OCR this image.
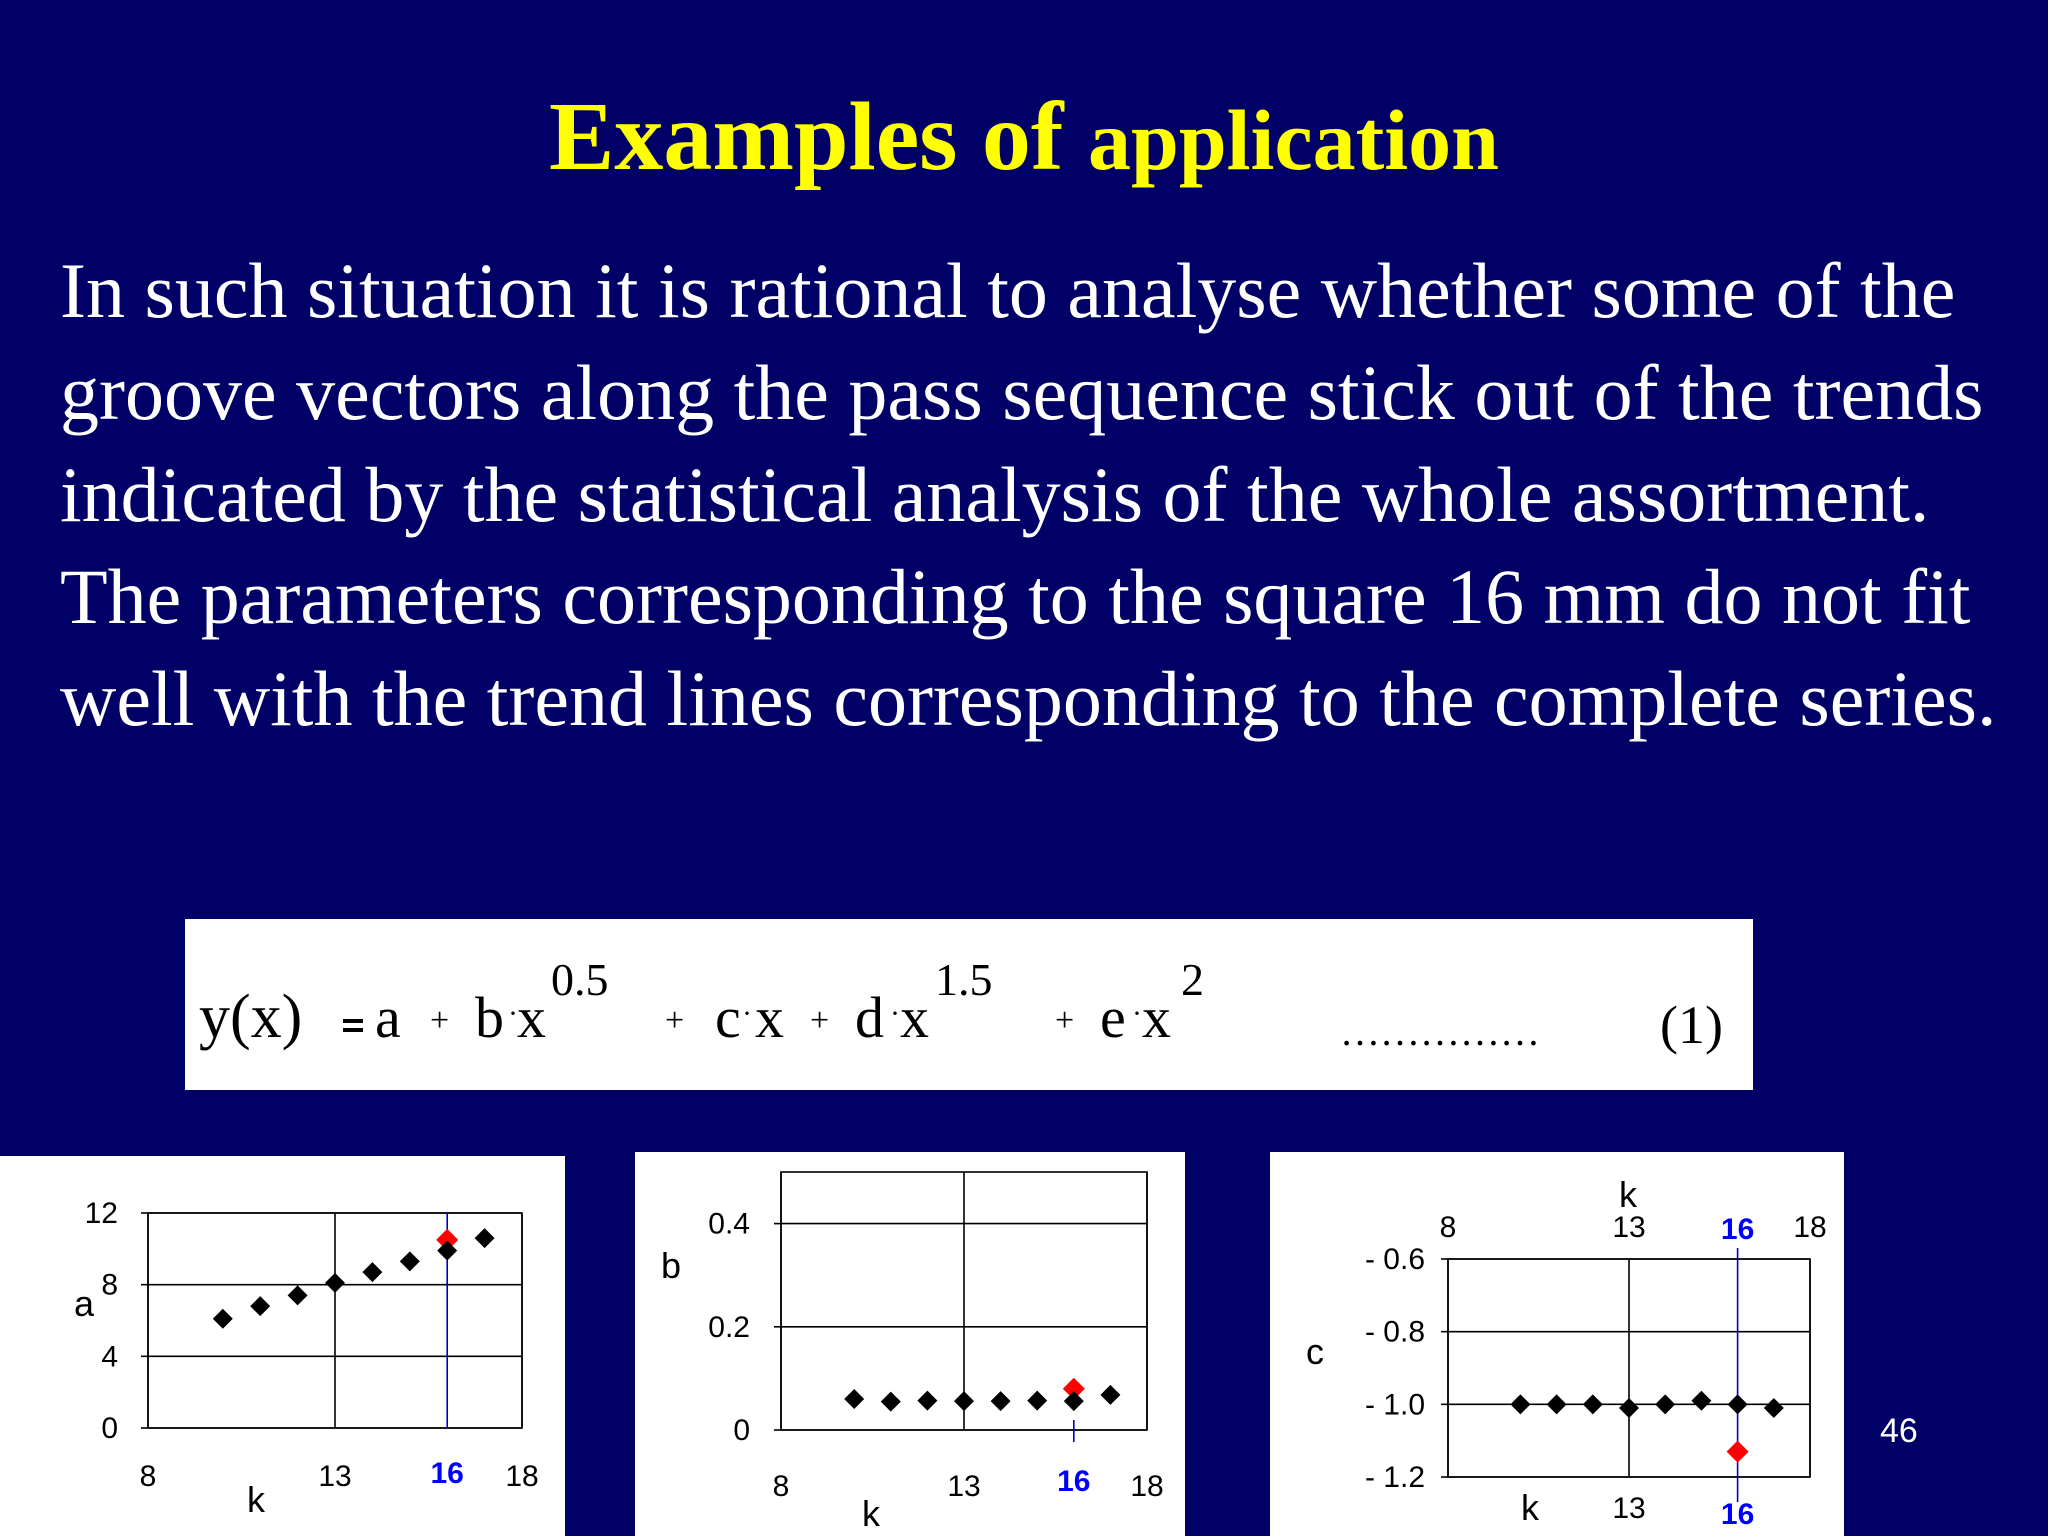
Examples of application

In such situation it is rational to analyse whether some of the groove vectors along the pass sequence stick out of the trends indicated by the statistical analysis of the whole assortment. The parameters corresponding to the square 16 mm do not fit well with the trend lines corresponding to the complete series.

y(x) a + b · x
0.5
+ c · x + d · x
1.5
+ e · x
2
…………… (1)
0
4
8
12
8	13	18
a
k
16
0
0.2
0.4
8	13	18
b
k
16
- 0.6
- 0.8
- 1.0
- 1.2
8	13	18
c
k
k 13
16
16
46
